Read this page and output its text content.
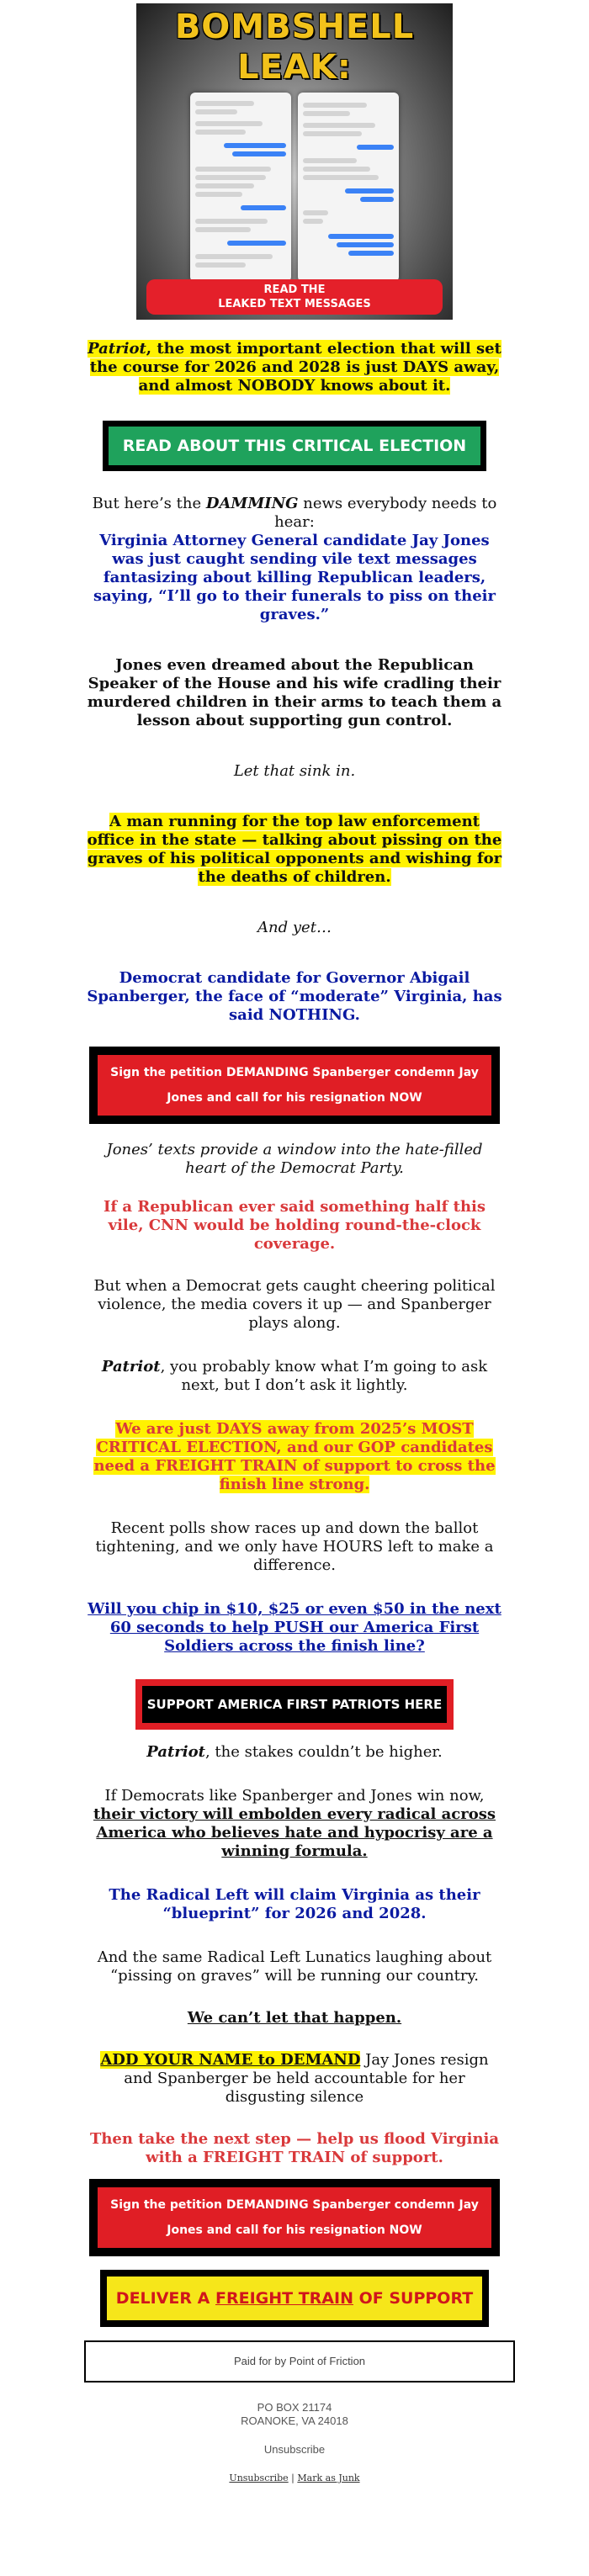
BOMBSHELL
LEAK:
READ THE
LEAKED TEXT MESSAGES

Patriot, the most important election that will set the course for 2026 and 2028 is just DAYS away, and almost NOBODY knows about it.

READ ABOUT THIS CRITICAL ELECTION

But here’s the DAMMING news everybody needs to hear:
Virginia Attorney General candidate Jay Jones was just caught sending vile text messages fantasizing about killing Republican leaders, saying, “I’ll go to their funerals to piss on their graves.”

Jones even dreamed about the Republican Speaker of the House and his wife cradling their murdered children in their arms to teach them a lesson about supporting gun control.

Let that sink in.

A man running for the top law enforcement office in the state — talking about pissing on the graves of his political opponents and wishing for the deaths of children.

And yet…

Democrat candidate for Governor Abigail Spanberger, the face of “moderate” Virginia, has said NOTHING.

Sign the petition DEMANDING Spanberger condemn Jay
Jones and call for his resignation NOW

Jones’ texts provide a window into the hate-filled heart of the Democrat Party.

If a Republican ever said something half this vile, CNN would be holding round-the-clock coverage.

But when a Democrat gets caught cheering political violence, the media covers it up — and Spanberger plays along.

Patriot, you probably know what I’m going to ask next, but I don’t ask it lightly.

We are just DAYS away from 2025’s MOST CRITICAL ELECTION, and our GOP candidates need a FREIGHT TRAIN of support to cross the finish line strong.

Recent polls show races up and down the ballot tightening, and we only have HOURS left to make a difference.

Will you chip in $10, $25 or even $50 in the next 60 seconds to help PUSH our America First Soldiers across the finish line?

SUPPORT AMERICA FIRST PATRIOTS HERE

Patriot, the stakes couldn’t be higher.

If Democrats like Spanberger and Jones win now, their victory will embolden every radical across America who believes hate and hypocrisy are a winning formula.

The Radical Left will claim Virginia as their “blueprint” for 2026 and 2028.

And the same Radical Left Lunatics laughing about “pissing on graves” will be running our country.

We can’t let that happen.

ADD YOUR NAME to DEMAND Jay Jones resign and Spanberger be held accountable for her disgusting silence

Then take the next step — help us flood Virginia with a FREIGHT TRAIN of support.

Sign the petition DEMANDING Spanberger condemn Jay
Jones and call for his resignation NOW
DELIVER A FREIGHT TRAIN OF SUPPORT
Paid for by Point of Friction
PO BOX 21174
ROANOKE, VA 24018
Unsubscribe
Unsubscribe | Mark as Junk
